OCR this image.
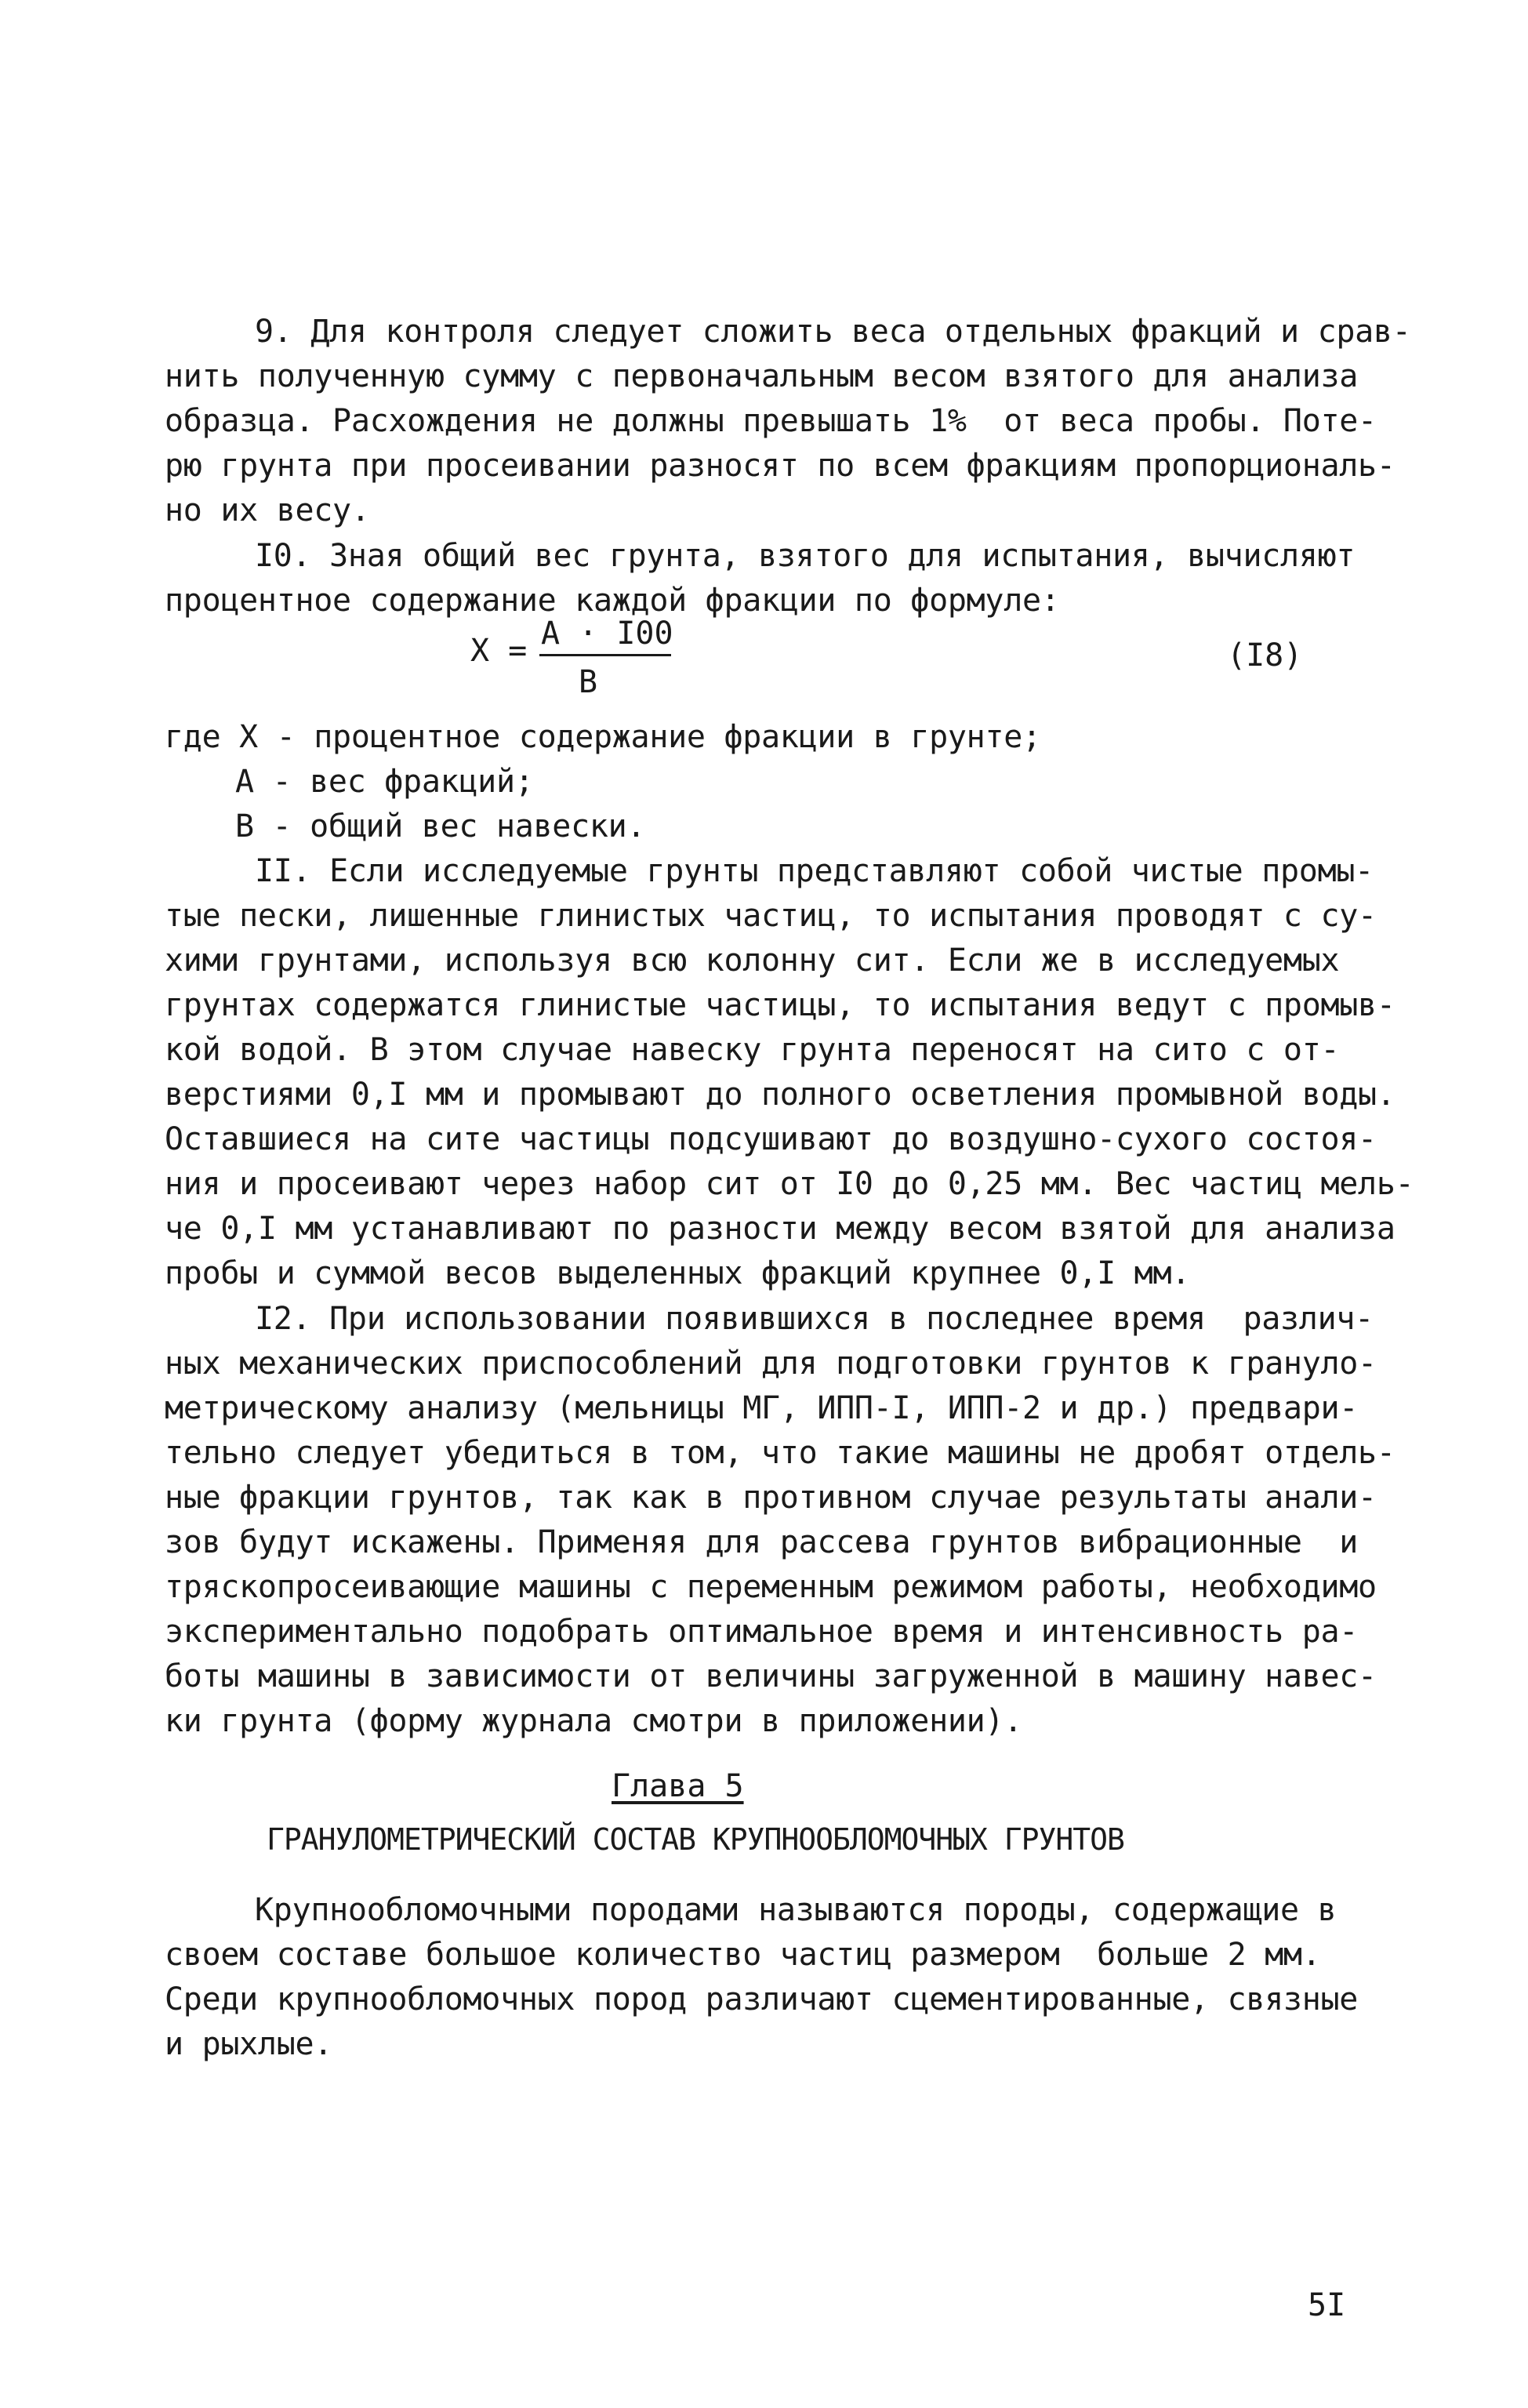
9. Для контроля следует сложить веса отдельных фракций и срав-
нить полученную сумму с первоначальным весом взятого для анализа
образца. Расхождения не должны превышать 1%  от веса пробы. Поте-
рю грунта при просеивании разносят по всем фракциям пропорциональ-
но их весу.
I0. Зная общий вес грунта, взятого для испытания, вычисляют
процентное содержание каждой фракции по формуле:
X = A · I00
B
(I8)
где X - процентное содержание фракции в грунте;
А - вес фракций;
В - общий вес навески.
II. Если исследуемые грунты представляют собой чистые промы-
тые пески, лишенные глинистых частиц, то испытания проводят с су-
хими грунтами, используя всю колонну сит. Если же в исследуемых
грунтах содержатся глинистые частицы, то испытания ведут с промыв-
кой водой. В этом случае навеску грунта переносят на сито с от-
верстиями 0,I мм и промывают до полного осветления промывной воды.
Оставшиеся на сите частицы подсушивают до воздушно-сухого состоя-
ния и просеивают через набор сит от I0 до 0,25 мм. Вес частиц мель-
че 0,I мм устанавливают по разности между весом взятой для анализа
пробы и суммой весов выделенных фракций крупнее 0,I мм.
I2. При использовании появившихся в последнее время  различ-
ных механических приспособлений для подготовки грунтов к грануло-
метрическому анализу (мельницы МГ, ИПП-I, ИПП-2 и др.) предвари-
тельно следует убедиться в том, что такие машины не дробят отдель-
ные фракции грунтов, так как в противном случае результаты анали-
зов будут искажены. Применяя для рассева грунтов вибрационные  и
тряскопросеивающие машины с переменным режимом работы, необходимо
экспериментально подобрать оптимальное время и интенсивность ра-
боты машины в зависимости от величины загруженной в машину навес-
ки грунта (форму журнала смотри в приложении).
Глава 5
ГРАНУЛОМЕТРИЧЕСКИЙ СОСТАВ КРУПНООБЛОМОЧНЫХ ГРУНТОВ
Крупнообломочными породами называются породы, содержащие в
своем составе большое количество частиц размером  больше 2 мм.
Среди крупнообломочных пород различают сцементированные, связные
и рыхлые.
5I
